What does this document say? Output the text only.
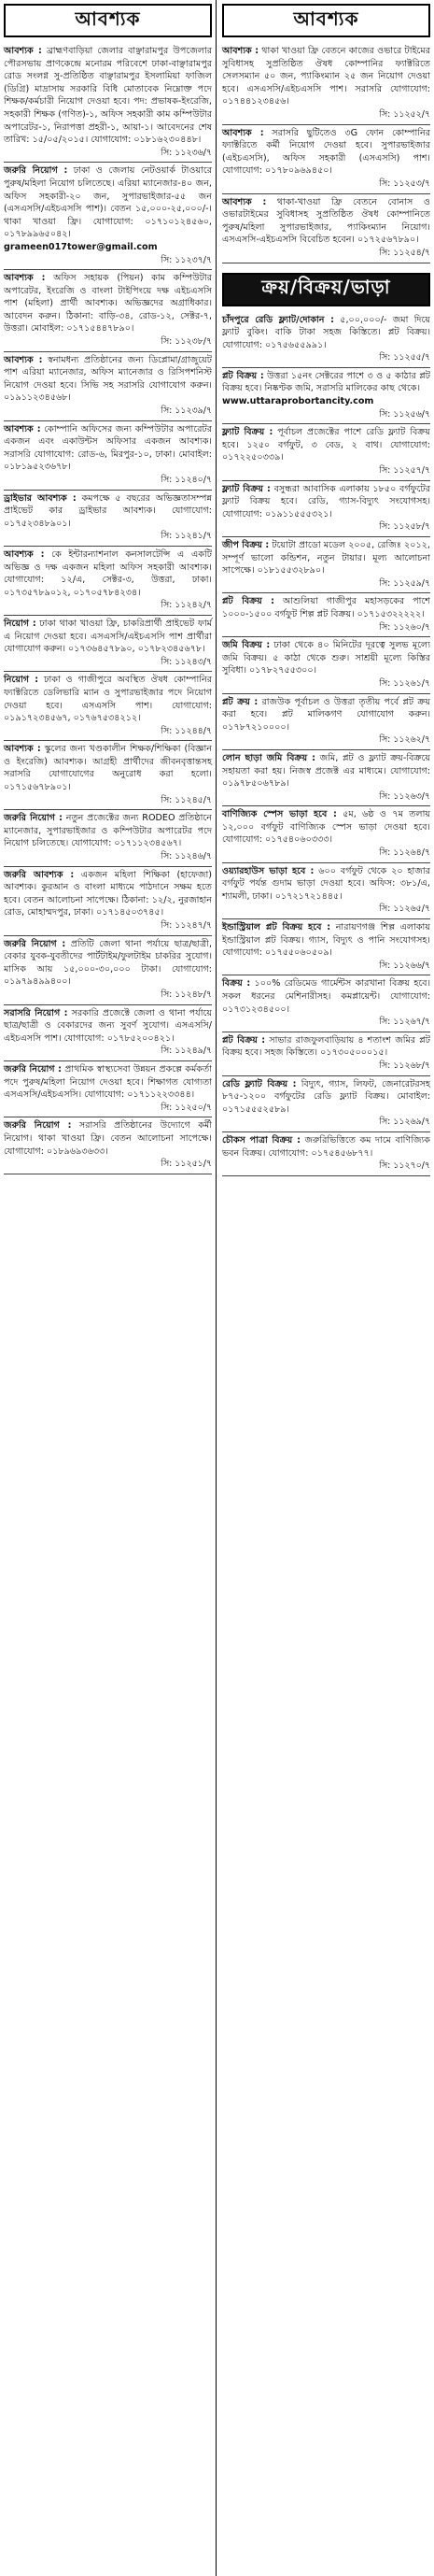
আবশ্যক
আবশ্যক : ব্রাহ্মণবাড়িয়া জেলার বাঞ্ছারামপুর উপজেলার পৌরসভায় প্রাণকেন্দ্রে মনোরম পরিবেশে ঢাকা-বাঞ্ছারামপুর রোড সংলগ্ন সু-প্রতিষ্ঠিত বাঞ্ছারামপুর ইসলামিয়া ফাজিল (ডিগ্রি) মাদ্রাসায় সরকারি বিধি মোতাবেক নিম্নোক্ত পদে শিক্ষক/কর্মচারী নিয়োগ দেওয়া হবে। পদ: প্রভাষক-ইংরেজি, সহকারী শিক্ষক (গণিত)-১, অফিস সহকারী কাম কম্পিউটার অপারেটর-১, নিরাপত্তা প্রহরী-১, আয়া-১। আবেদনের শেষ তারিখ: ১৫/০৫/২০১৫। যোগাযোগ: ০১৮১৬২৩০৪৪৮।
সি: ১১২৩৬/৭
জরুরি নিয়োগ : ঢাকা ও জেলায় নেটওয়ার্ক টাওয়ারে পুরুষ/মহিলা নিয়োগ চলিতেছে। এরিয়া ম্যানেজার-৪০ জন, অফিস সহকারী-২০ জন, সুপারভাইজার-৫৫ জন (এসএসসি/এইচএসসি পাশ)। বেতন ১৫,০০০-২৫,০০০/-। থাকা খাওয়া ফ্রি। যোগাযোগ: ০১৭১০১২৪৫৬০, ০১৭৮৯৯৬৫০৪২।
grameen017tower@gmail.com
সি: ১১২৩৭/৭
আবশ্যক : অফিস সহায়ক (পিয়ন) কাম কম্পিউটার অপারেটর, ইংরেজি ও বাংলা টাইপিংয়ে দক্ষ এইচএসসি পাশ (মহিলা) প্রার্থী আবশ্যক। অভিজ্ঞদের অগ্রাধিকার। আবেদন করুন। ঠিকানা: বাড়ি-৩৪, রোড-১২, সেক্টর-৭, উত্তরা। মোবাইল: ০১৭১৫৪৪৭৮৯০।
সি: ১১২৩৮/৭
আবশ্যক : স্বনামধন্য প্রতিষ্ঠানের জন্য ডিপ্লোমা/গ্রাজুয়েট পাশ এরিয়া ম্যানেজার, অফিস ম্যানেজার ও রিসিপশনিস্ট নিয়োগ দেওয়া হবে। সিভি সহ সরাসরি যোগাযোগ করুন। ০১৯১১২৩৪৫৬৮।
সি: ১১২৩৯/৭
আবশ্যক : কোম্পানি অফিসের জন্য কম্পিউটার অপারেটর একজন এবং একাউন্টস অফিসার একজন আবশ্যক। সরাসরি যোগাযোগ: রোড-৬, মিরপুর-১০, ঢাকা। মোবাইল: ০১৮১৯৫২৩৬৭৮।
সি: ১১২৪০/৭
ড্রাইভার আবশ্যক : কমপক্ষে ৫ বছরের অভিজ্ঞতাসম্পন্ন প্রাইভেট কার ড্রাইভার আবশ্যক। যোগাযোগ: ০১৭৫২৩৪৮৯০১।
সি: ১১২৪১/৭
আবশ্যক : কে ইন্টারন্যাশনাল কনসালটেন্সি এ একটি অভিজ্ঞ ও দক্ষ একজন মহিলা অফিস সহকারী আবশ্যক। যোগাযোগ: ১২/এ, সেক্টর-৩, উত্তরা, ঢাকা। ০১৭৩৫৭৮৯০১২, ০১৭০৫৭৮৪২৩৪।
সি: ১১২৪২/৭
নিয়োগ : ঢাকা থাকা খাওয়া ফ্রি, চাকরিপ্রার্থী প্রাইভেট ফার্ম এ নিয়োগ দেওয়া হবে। এসএসসি/এইচএসসি পাশ প্রার্থীরা যোগাযোগ করুন। ০১৭৩৬৪৫৭৮৯০, ০১৭৮২৩৪৫৬৭৮।
সি: ১১২৪৩/৭
নিয়োগ : ঢাকা ও গাজীপুরে অবস্থিত ঔষধ কোম্পানির ফ্যাক্টরিতে ডেলিভারি ম্যান ও সুপারভাইজার পদে নিয়োগ দেওয়া হবে। এসএসসি পাশ। যোগাযোগ: ০১৯১৭২৩৪৫৬৭, ০১৭৬৭৫৩৪২১২।
সি: ১১২৪৪/৭
আবশ্যক : স্কুলের জন্য খণ্ডকালীন শিক্ষক/শিক্ষিকা (বিজ্ঞান ও ইংরেজি) আবশ্যক। আগ্রহী প্রার্থীদের জীবনবৃত্তান্তসহ সরাসরি যোগাযোগের অনুরোধ করা হলো। ০১৭১৫৬৭৮৯০১।
সি: ১১২৪৫/৭
জরুরি নিয়োগ : নতুন প্রজেক্টের জন্য RODEO প্রতিষ্ঠানে ম্যানেজার, সুপারভাইজার ও কম্পিউটার অপারেটর পদে নিয়োগ চলিতেছে। যোগাযোগ: ০১৭১১২৩৪৫৬৭।
সি: ১১২৪৬/৭
জরুরি আবশ্যক : একজন মহিলা শিক্ষিকা (হাফেজা) আবশ্যক। কুরআন ও বাংলা মাধ্যমে পাঠদানে সক্ষম হতে হবে। বেতন আলোচনা সাপেক্ষে। ঠিকানা: ১২/২, নুরজাহান রোড, মোহাম্মদপুর, ঢাকা। ০১৭১৪৫০৩৭৪৫।
সি: ১১২৪৭/৭
জরুরি নিয়োগ : প্রতিটি জেলা থানা পর্যায়ে ছাত্র/ছাত্রী, বেকার যুবক-যুবতীদের পার্টটাইম/ফুলটাইম চাকরির সুযোগ। মাসিক আয় ১৫,০০০-৩০,০০০ টাকা। যোগাযোগ: ০১৯৭৯৪৯৯৪০০।
সি: ১১২৪৮/৭
সরাসরি নিয়োগ : সরকারি প্রজেক্টে জেলা ও থানা পর্যায়ে ছাত্র/ছাত্রী ও বেকারদের জন্য সুবর্ণ সুযোগ। এসএসসি/এইচএসসি পাশ। যোগাযোগ: ০১৭৮৫২০০৪২১।
সি: ১১২৪৯/৭
জরুরি নিয়োগ : প্রাথমিক স্বাস্থ্যসেবা উন্নয়ন প্রকল্পে কর্মকর্তা পদে পুরুষ/মহিলা নিয়োগ দেওয়া হবে। শিক্ষাগত যোগ্যতা এসএসসি/এইচএসসি। যোগাযোগ: ০১৭১১২২৩৩৪৪।
সি: ১১২৫০/৭
জরুরি নিয়োগ : সরাসরি প্রতিষ্ঠানের উদ্যোগে কর্মী নিয়োগ। থাকা খাওয়া ফ্রি। বেতন আলোচনা সাপেক্ষে। যোগাযোগ: ০১৮৯৬৯৩৬৩৩।
সি: ১১২৫১/৭
আবশ্যক
আবশ্যক : থাকা খাওয়া ফ্রি বেতনে কাজের ওভারে টাইমের সুবিধাসহ সুপ্রতিষ্ঠিত ঔষধ কোম্পানির ফ্যাক্টরিতে সেলসম্যান ৫০ জন, প্যাকিংম্যান ২৫ জন নিয়োগ দেওয়া হবে। এসএসসি/এইচএসসি পাশ। সরাসরি যোগাযোগ: ০১৭৪৪১২৩৪৫৬।
সি: ১১২৫২/৭
আবশ্যক : সরাসরি ছুটিতেও ৩G ফোন কোম্পানির ফ্যাক্টরিতে কর্মী নিয়োগ দেওয়া হবে। সুপারভাইজার (এইচএসসি), অফিস সহকারী (এসএসসি) পাশ। যোগাযোগ: ০১৭৮০৯৬৯৪৫০।
সি: ১১২৫৩/৭
আবশ্যক : থাকা-খাওয়া ফ্রি বেতনে বোনাস ও ওভারটাইমের সুবিধাসহ সুপ্রতিষ্ঠিত ঔষধ কোম্পানিতে পুরুষ/মহিলা সুপারভাইজার, প্যাকিংম্যান নিয়োগ। এসএসসি-এইচএসসি বিবেচিত হবেন। ০১৭২৫৬৭৮৯০।
সি: ১১২৫৪/৭
ক্রয়/বিক্রয়/ভাড়া
চাঁদপুরে রেডি ফ্ল্যাট/দোকান : ৫,০০,০০০/- জমা দিয়ে ফ্ল্যাট বুকিং। বাকি টাকা সহজ কিস্তিতে। প্লট বিক্রয়। যোগাযোগ: ০১৭৫৬৫৫৯৯১।
সি: ১১২৫৫/৭
প্লট বিক্রয় : উত্তরা ১৫নং সেক্টরের পাশে ৩ ও ৫ কাঠার প্লট বিক্রয় হবে। নিষ্কণ্টক জমি, সরাসরি মালিকের কাছ থেকে।
www.uttaraprobortancity.com
সি: ১১২৫৬/৭
ফ্ল্যাট বিক্রয় : পূর্বাচল প্রজেক্টের পাশে রেডি ফ্ল্যাট বিক্রয় হবে। ১২৫০ বর্গফুট, ৩ বেড, ২ বাথ। যোগাযোগ: ০১৭২২৫০৩৩৯।
সি: ১১২৫৭/৭
ফ্ল্যাট বিক্রয় : বসুন্ধরা আবাসিক এলাকায় ১৮৫০ বর্গফুটের ফ্ল্যাট বিক্রয় হবে। রেডি, গ্যাস-বিদ্যুৎ সংযোগসহ। যোগাযোগ: ০১৯১১৫৫৫৩২১।
সি: ১১২৫৮/৭
জীপ বিক্রয় : টয়োটা প্রাডো মডেল ২০০৫, রেজিঃ ২০১২, সম্পূর্ণ ভালো কন্ডিশন, নতুন টায়ার। মূল্য আলোচনা সাপেক্ষে। ০১৮১৫৫৩২৮৯০।
সি: ১১২৫৯/৭
প্লট বিক্রয় : আশুলিয়া গাজীপুর মহাসড়কের পাশে ১০০০-১৫০০ বর্গফুট শিল্প প্লট বিক্রয়। ০১৭১৫৩২২২২২।
সি: ১১২৬০/৭
জমি বিক্রয় : ঢাকা থেকে ৪০ মিনিটের দূরত্বে সুলভ মূল্যে জমি বিক্রয়। ৫ কাঠা থেকে শুরু। সাশ্রয়ী মূল্যে কিস্তির সুবিধা। ০১৭৮২৭৫৫৩০০।
সি: ১১২৬১/৭
প্লট ক্রয় : রাজউক পূর্বাচল ও উত্তরা তৃতীয় পর্বে প্লট ক্রয় করা হবে। প্লট মালিকগণ যোগাযোগ করুন। ০১৭৮৭২১০০০০।
সি: ১১২৬২/৭
লোন ছাড়া জমি বিক্রয় : জমি, প্লট ও ফ্ল্যাট ক্রয়-বিক্রয়ে সহায়তা করা হয়। নিজস্ব প্রজেক্ট এর মাধ্যমে। যোগাযোগ: ০১৯৭৮৫০৬৭৮৯।
সি: ১১২৬৩/৭
বাণিজ্যিক স্পেস ভাড়া হবে : ৫ম, ৬ষ্ঠ ও ৭ম তলায় ১২,০০০ বর্গফুট বাণিজ্যিক স্পেস ভাড়া দেওয়া হবে। যোগাযোগ: ০১৭৫৪০৬০৩৩৩।
সি: ১১২৬৪/৭
ওয়্যারহাউস ভাড়া হবে : ৬০০ বর্গফুট থেকে ২০ হাজার বর্গফুট পর্যন্ত গুদাম ভাড়া দেওয়া হবে। অফিস: ৩৮১/এ, শ্যামলী, ঢাকা। ০১৭২১৭২১৪৪৫।
সি: ১১২৬৫/৭
ইন্ডাস্ট্রিয়াল প্লট বিক্রয় হবে : নারায়ণগঞ্জ শিল্প এলাকায় ইন্ডাস্ট্রিয়াল প্লট বিক্রয়। গ্যাস, বিদ্যুৎ ও পানি সংযোগসহ। যোগাযোগ: ০১৭৫৫০৬০৫০৯।
সি: ১১২৬৬/৭
বিক্রয় : ১০০% রেডিমেড গার্মেন্টস কারখানা বিক্রয় হবে। সকল ধরনের মেশিনারীসহ। কমপ্লায়েন্ট। যোগাযোগ: ০১৭৩১২৩৪৫০০।
সি: ১১২৬৭/৭
প্লট বিক্রয় : সাভার রাজফুলবাড়িয়ায় ৪ শতাংশ জমির প্লট বিক্রয় হবে। সহজ কিস্তিতে। ০১৭৩০৫০০০১৫।
সি: ১১২৬৮/৭
রেডি ফ্ল্যাট বিক্রয় : বিদ্যুৎ, গ্যাস, লিফট, জেনারেটরসহ ৮৭৫-১২০০ বর্গফুটের রেডি ফ্ল্যাট বিক্রয়। মোবাইল: ০১৭১৫৫৫২৫৮৯।
সি: ১১২৬৯/৭
চৌকস পাত্রা বিক্রয় : জরুরিভিত্তিতে কম দামে বাণিজ্যিক ভবন বিক্রয়। যোগাযোগ: ০১৭৫৪৫৬৮৭৭।
সি: ১১২৭০/৭
